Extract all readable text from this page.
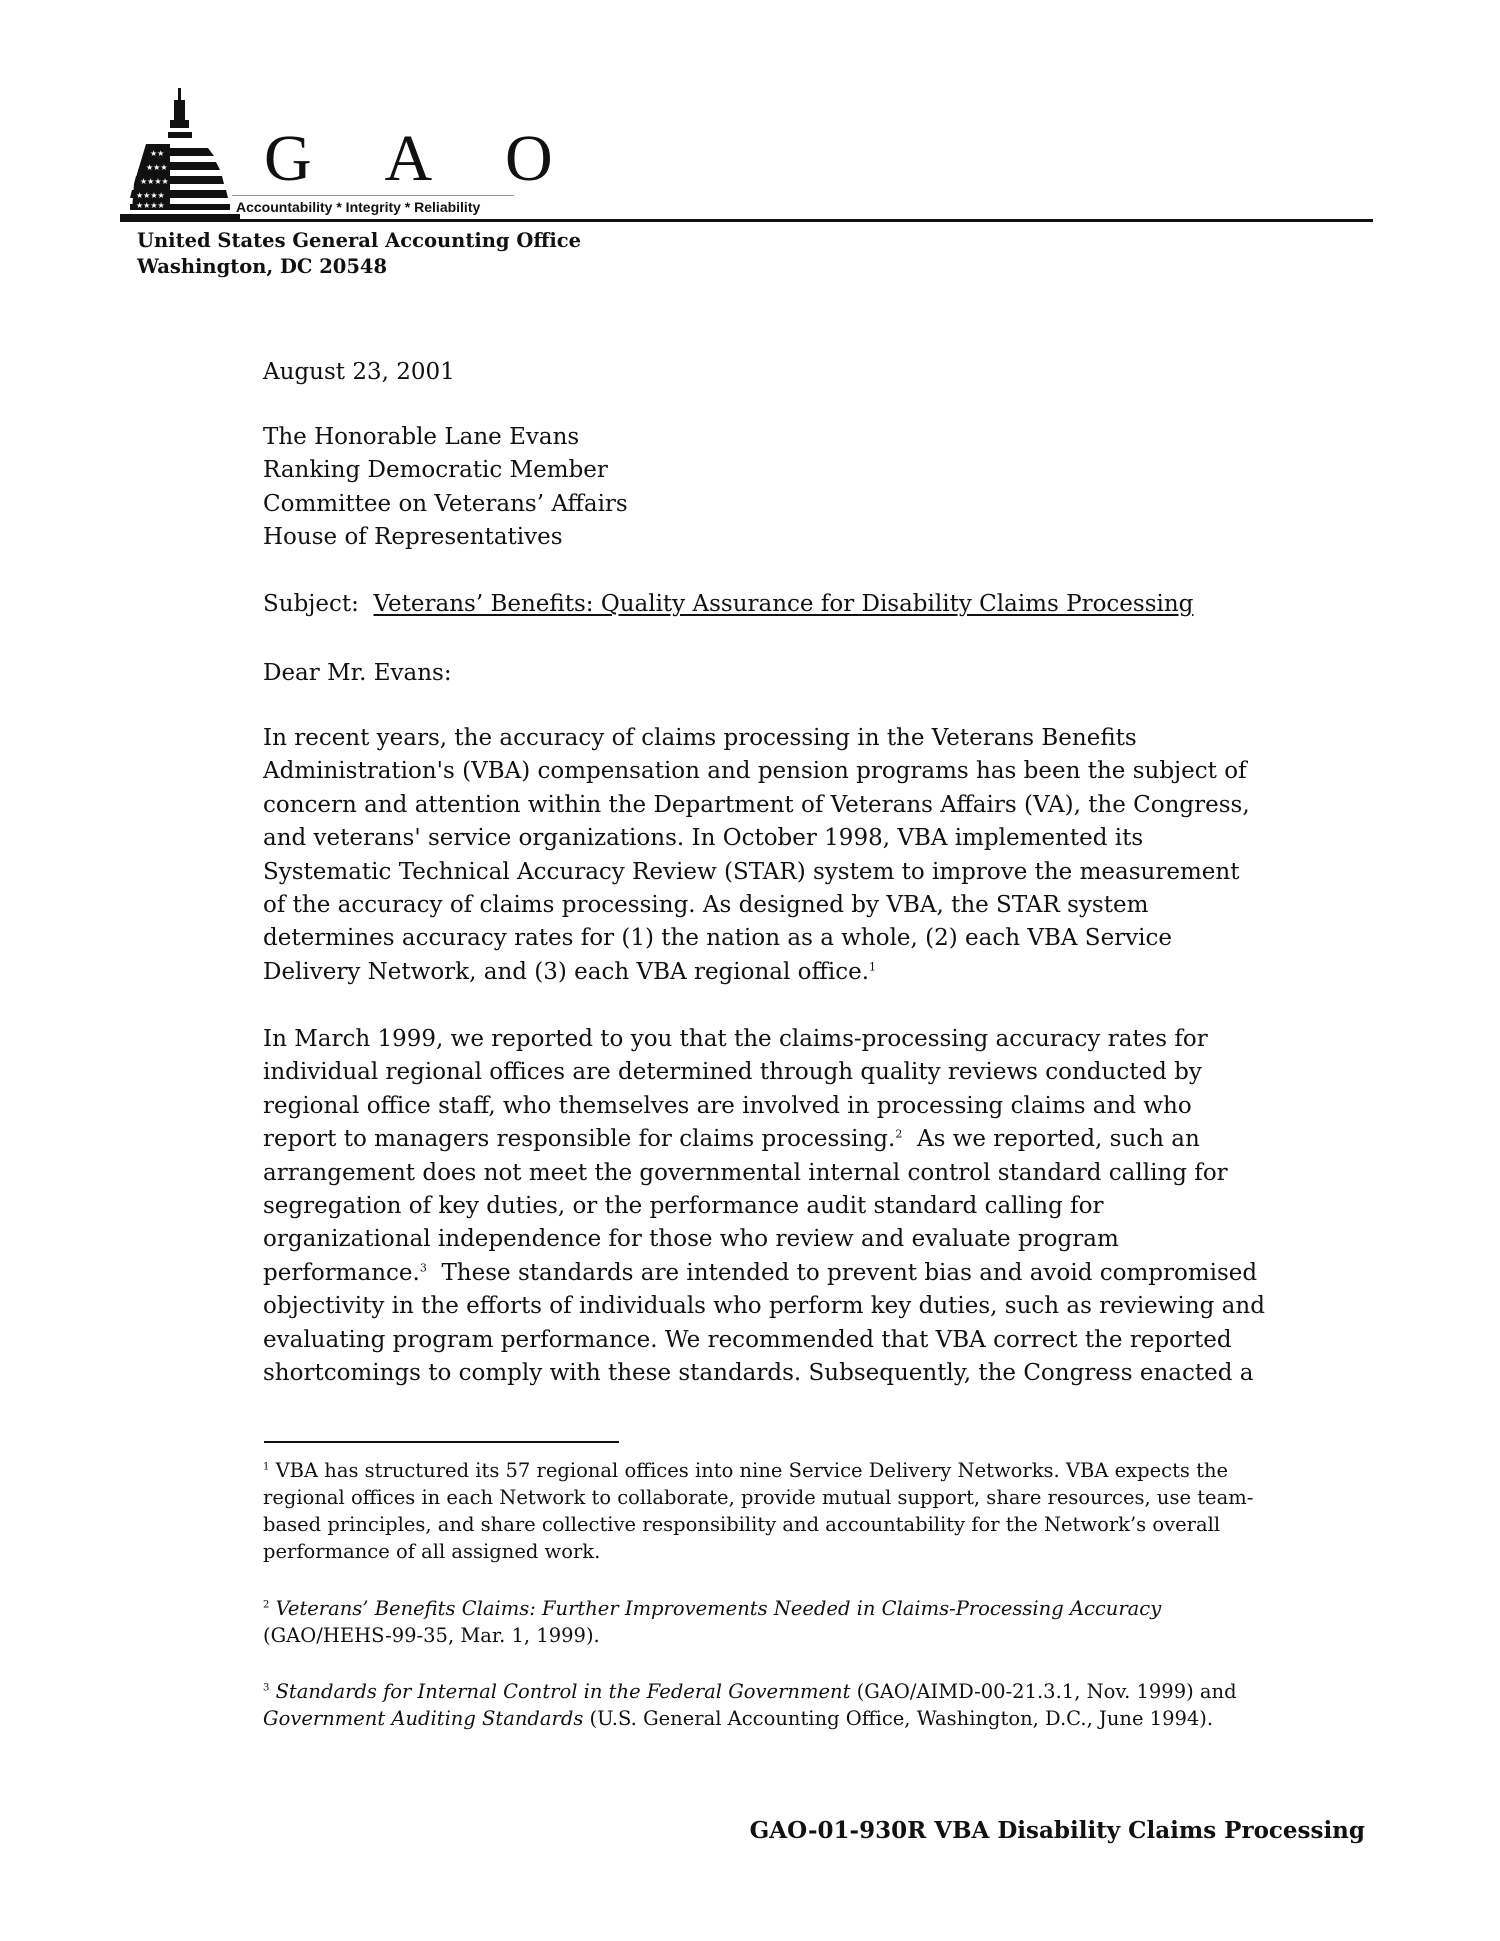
★★
★★★
★★★★
★★★★
★★★★
G A O
Accountability * Integrity * Reliability
United States General Accounting Office
Washington, DC 20548
August 23, 2001
The Honorable Lane Evans
Ranking Democratic Member
Committee on Veterans’ Affairs
House of Representatives
Subject: Veterans’ Benefits: Quality Assurance for Disability Claims Processing
Dear Mr. Evans:
In recent years, the accuracy of claims processing in the Veterans Benefits
Administration's (VBA) compensation and pension programs has been the subject of
concern and attention within the Department of Veterans Affairs (VA), the Congress,
and veterans' service organizations. In October 1998, VBA implemented its
Systematic Technical Accuracy Review (STAR) system to improve the measurement
of the accuracy of claims processing. As designed by VBA, the STAR system
determines accuracy rates for (1) the nation as a whole, (2) each VBA Service
Delivery Network, and (3) each VBA regional office.$^1$
In March 1999, we reported to you that the claims-processing accuracy rates for
individual regional offices are determined through quality reviews conducted by
regional office staff, who themselves are involved in processing claims and who
report to managers responsible for claims processing.$^2$  As we reported, such an
arrangement does not meet the governmental internal control standard calling for
segregation of key duties, or the performance audit standard calling for
organizational independence for those who review and evaluate program
performance.$^3$  These standards are intended to prevent bias and avoid compromised
objectivity in the efforts of individuals who perform key duties, such as reviewing and
evaluating program performance. We recommended that VBA correct the reported
shortcomings to comply with these standards. Subsequently, the Congress enacted a
$^1$ VBA has structured its 57 regional offices into nine Service Delivery Networks. VBA expects the
regional offices in each Network to collaborate, provide mutual support, share resources, use team-
based principles, and share collective responsibility and accountability for the Network’s overall
performance of all assigned work.
$^2$ Veterans’ Benefits Claims: Further Improvements Needed in Claims-Processing Accuracy
(GAO/HEHS-99-35, Mar. 1, 1999).
$^3$ Standards for Internal Control in the Federal Government (GAO/AIMD-00-21.3.1, Nov. 1999) and
Government Auditing Standards (U.S. General Accounting Office, Washington, D.C., June 1994).
GAO-01-930R VBA Disability Claims Processing
